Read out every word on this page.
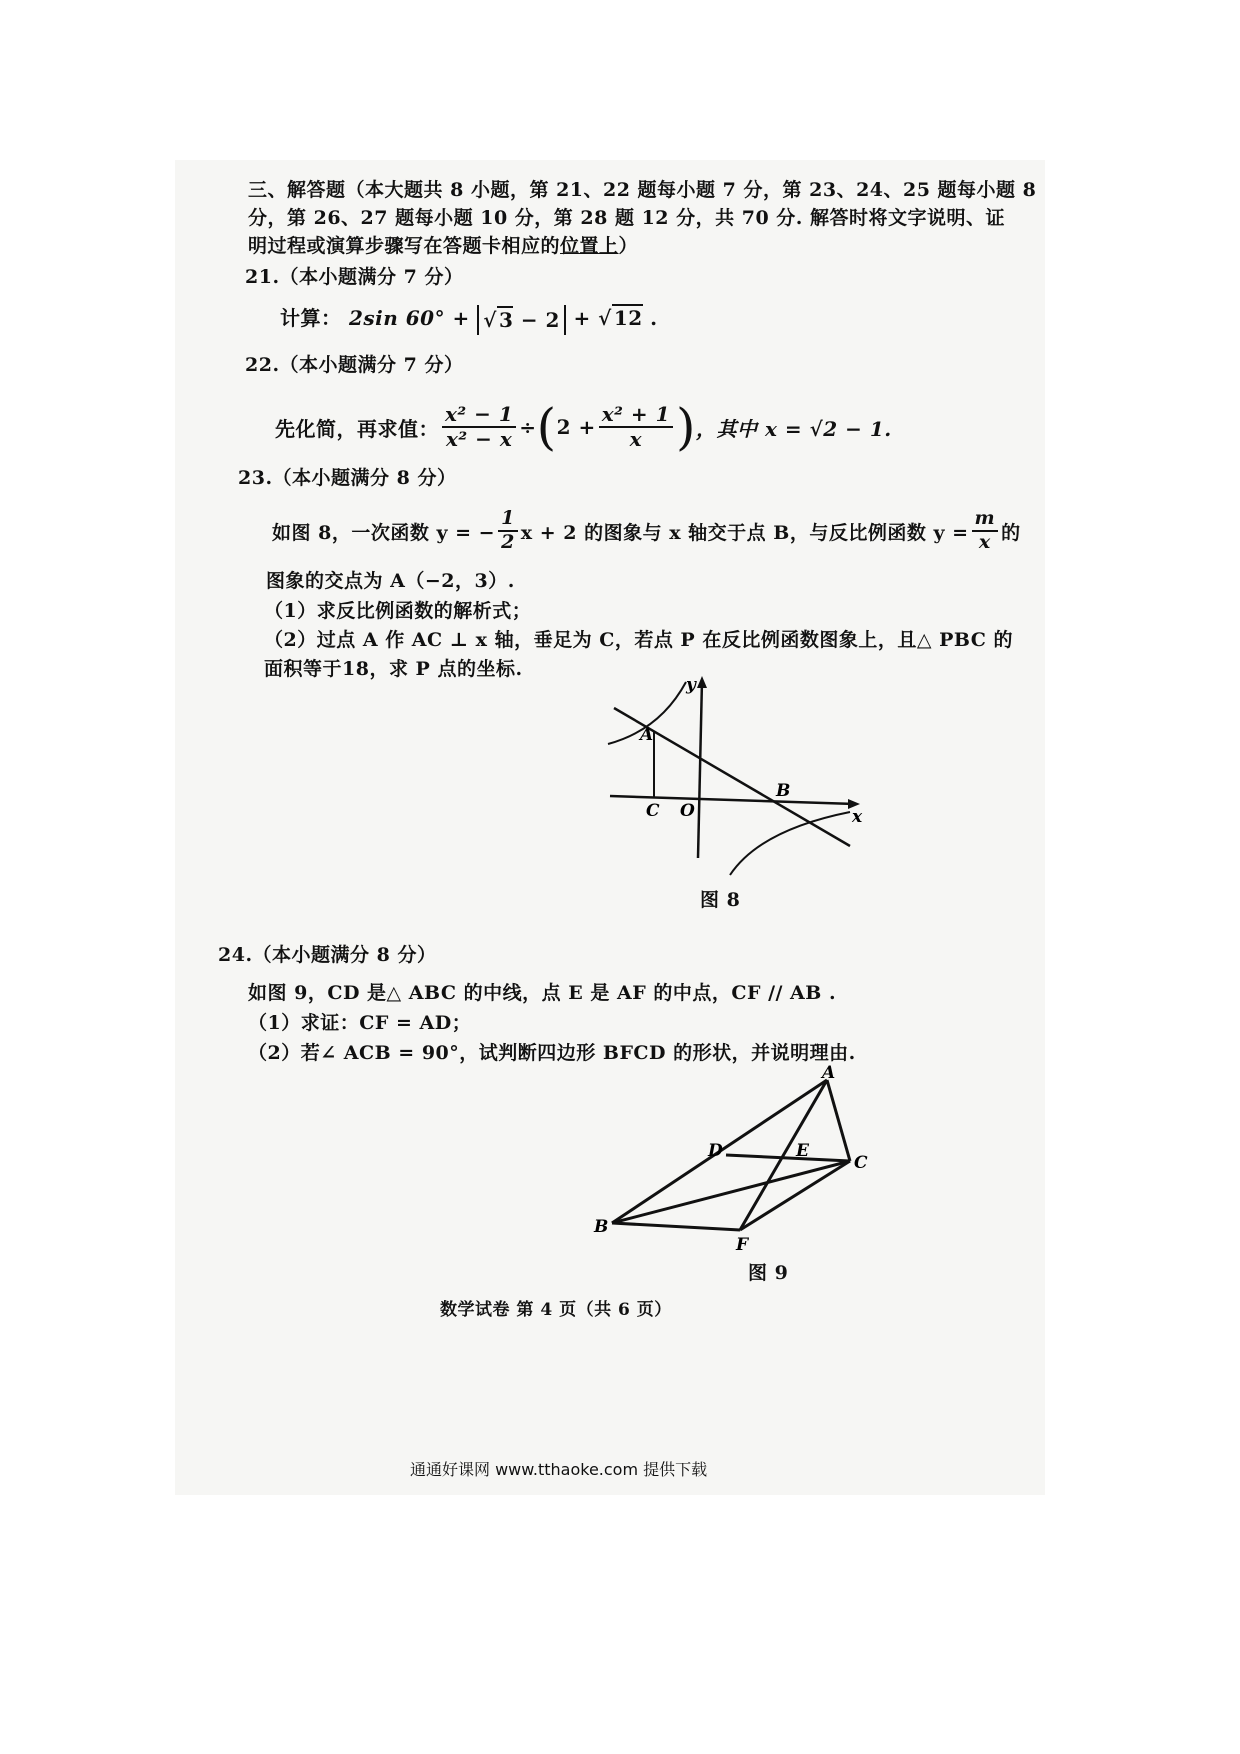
三、解答题（本大题共 8 小题，第 21、22 题每小题 7 分，第 23、24、25 题每小题 8
分，第 26、27 题每小题 10 分，第 28 题 12 分，共 70 分. 解答时将文字说明、证
明过程或演算步骤写在答题卡相应的位置上）
21.（本小题满分 7 分）
计算： 2sin 60° + √ 3 − 2 + √ 12 .
22.（本小题满分 7 分）
先化简，再求值： $\frac{\text{x² − 1}}{\text{x² − x}}$ ÷ ( $2 + \frac{\text{x² + 1}}{x}$ ) ，其中 x = √2 − 1.
23.（本小题满分 8 分）
如图 8，一次函数 y = − $\frac{1}{2}$ x + 2 的图象与 x 轴交于点 B，与反比例函数 $y = \frac{m}{x}$ 的
图象的交点为 A（−2，3）.
（1）求反比例函数的解析式；
（2）过点 A 作 AC ⊥ x 轴，垂足为 C，若点 P 在反比例函数图象上，且△ PBC 的
面积等于18，求 P 点的坐标.
A
C O
B
x
y
图 8
24.（本小题满分 8 分）
如图 9，CD 是△ ABC 的中线，点 E 是 AF 的中点，CF // AB .
（1）求证：CF = AD；
（2）若∠ ACB = 90°，试判断四边形 BFCD 的形状，并说明理由.
A
D	E
C
B
F
图 9
数学试卷 第 4 页（共 6 页）
通通好课网 www.tthaoke.com 提供下载
